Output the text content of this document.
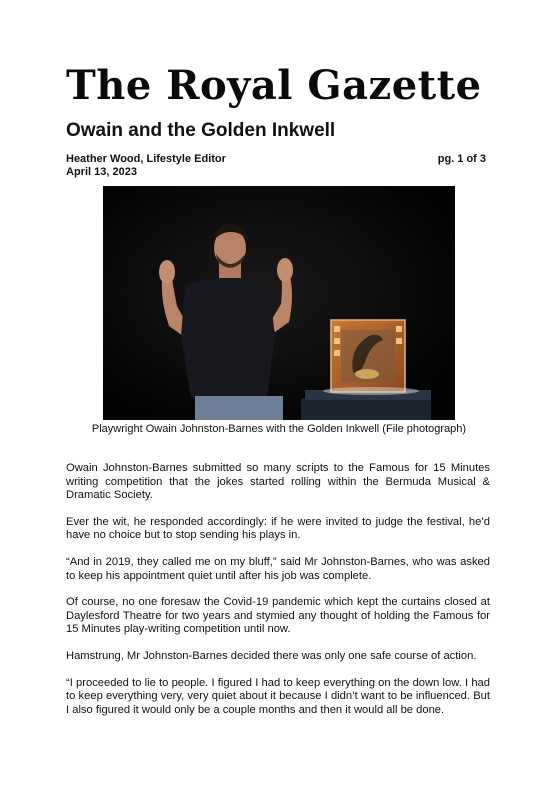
The Royal Gazette
Owain and the Golden Inkwell
Heather Wood, Lifestyle Editor
April 13, 2023
pg. 1 of 3
Playwright Owain Johnston-Barnes with the Golden Inkwell (File photograph)

Owain Johnston-Barnes submitted so many scripts to the Famous for 15 Minutes writing competition that the jokes started rolling within the Bermuda Musical & Dramatic Society.

Ever the wit, he responded accordingly: if he were invited to judge the festival, he’d have no choice but to stop sending his plays in.

“And in 2019, they called me on my bluff,” said Mr Johnston-Barnes, who was asked to keep his appointment quiet until after his job was complete.

Of course, no one foresaw the Covid-19 pandemic which kept the curtains closed at Daylesford Theatre for two years and stymied any thought of holding the Famous for 15 Minutes play-writing competition until now.

Hamstrung, Mr Johnston-Barnes decided there was only one safe course of action.

“I proceeded to lie to people. I figured I had to keep everything on the down low. I had to keep everything very, very quiet about it because I didn’t want to be influenced. But I also figured it would only be a couple months and then it would all be done.
